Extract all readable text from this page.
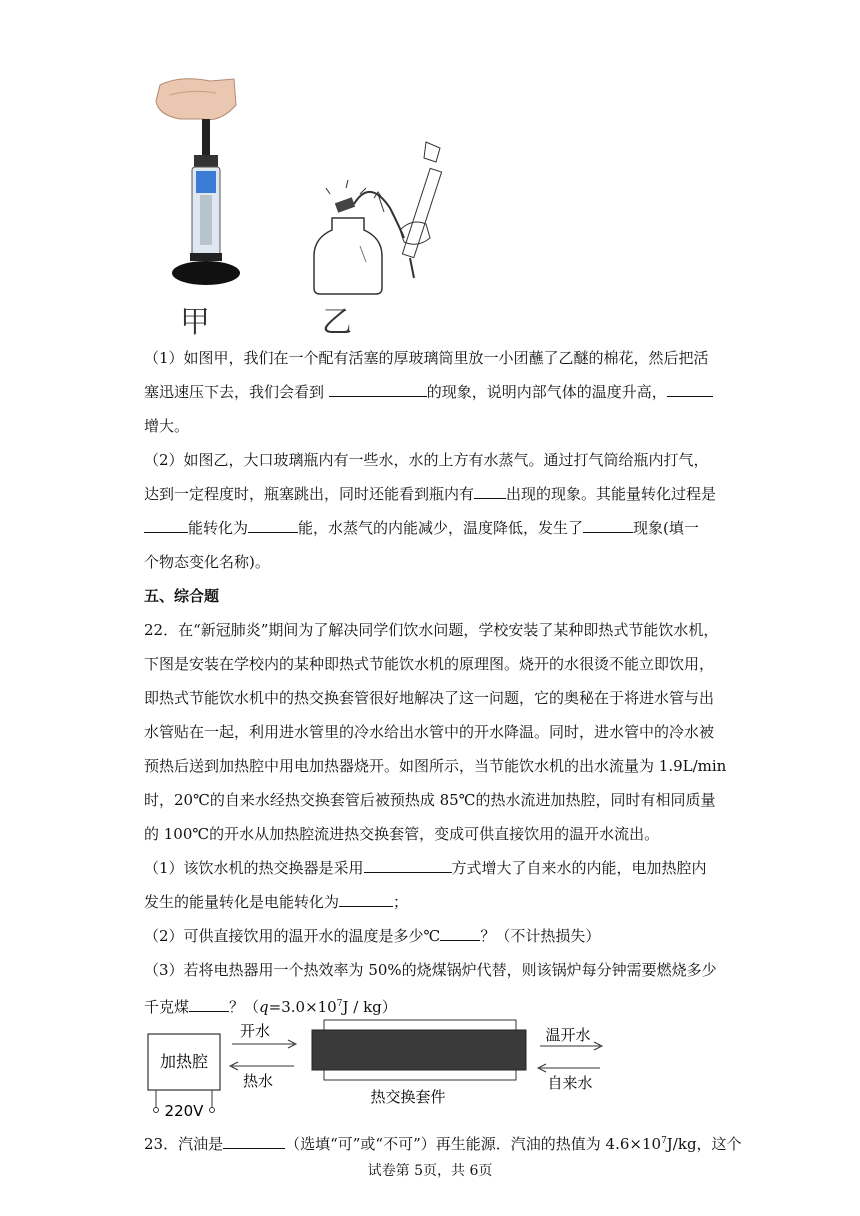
甲	乙
（1）如图甲，我们在一个配有活塞的厚玻璃筒里放一小团蘸了乙醚的棉花，然后把活
塞迅速压下去，我们会看到	的现象，说明内部气体的温度升高，
增大。
（2）如图乙，大口玻璃瓶内有一些水，水的上方有水蒸气。通过打气筒给瓶内打气，
达到一定程度时，瓶塞跳出，同时还能看到瓶内有 出现的现象。其能量转化过程是
能转化为	能，水蒸气的内能减少，温度降低，发生了	现象(填一
个物态变化名称)。
五、综合题
22．在“新冠肺炎”期间为了解决同学们饮水问题，学校安装了某种即热式节能饮水机，
下图是安装在学校内的某种即热式节能饮水机的原理图。烧开的水很烫不能立即饮用，
即热式节能饮水机中的热交换套管很好地解决了这一问题，它的奥秘在于将进水管与出
水管贴在一起，利用进水管里的冷水给出水管中的开水降温。同时，进水管中的冷水被
预热后送到加热腔中用电加热器烧开。如图所示，当节能饮水机的出水流量为 1.9L/min
时，20℃的自来水经热交换套管后被预热成 85℃的热水流进加热腔，同时有相同质量
的 100℃的开水从加热腔流进热交换套管，变成可供直接饮用的温开水流出。
（1）该饮水机的热交换器是采用	方式增大了自来水的内能，电加热腔内
发生的能量转化是电能转化为	；
（2）可供直接饮用的温开水的温度是多少℃	？（不计热损失）
（3）若将电热器用一个热效率为 50%的烧煤锅炉代替，则该锅炉每分钟需要燃烧多少
千克煤	？$(q=3.0\times 10^7J / kg)$
加热腔
220V
开水
热水
热交换套件
温开水
自来水
23．汽油是	（选填“可”或“不可”）再生能源．汽油的热值为 $4.6\times 10^7J/kg$，这个
试卷第 5页，共 6页
